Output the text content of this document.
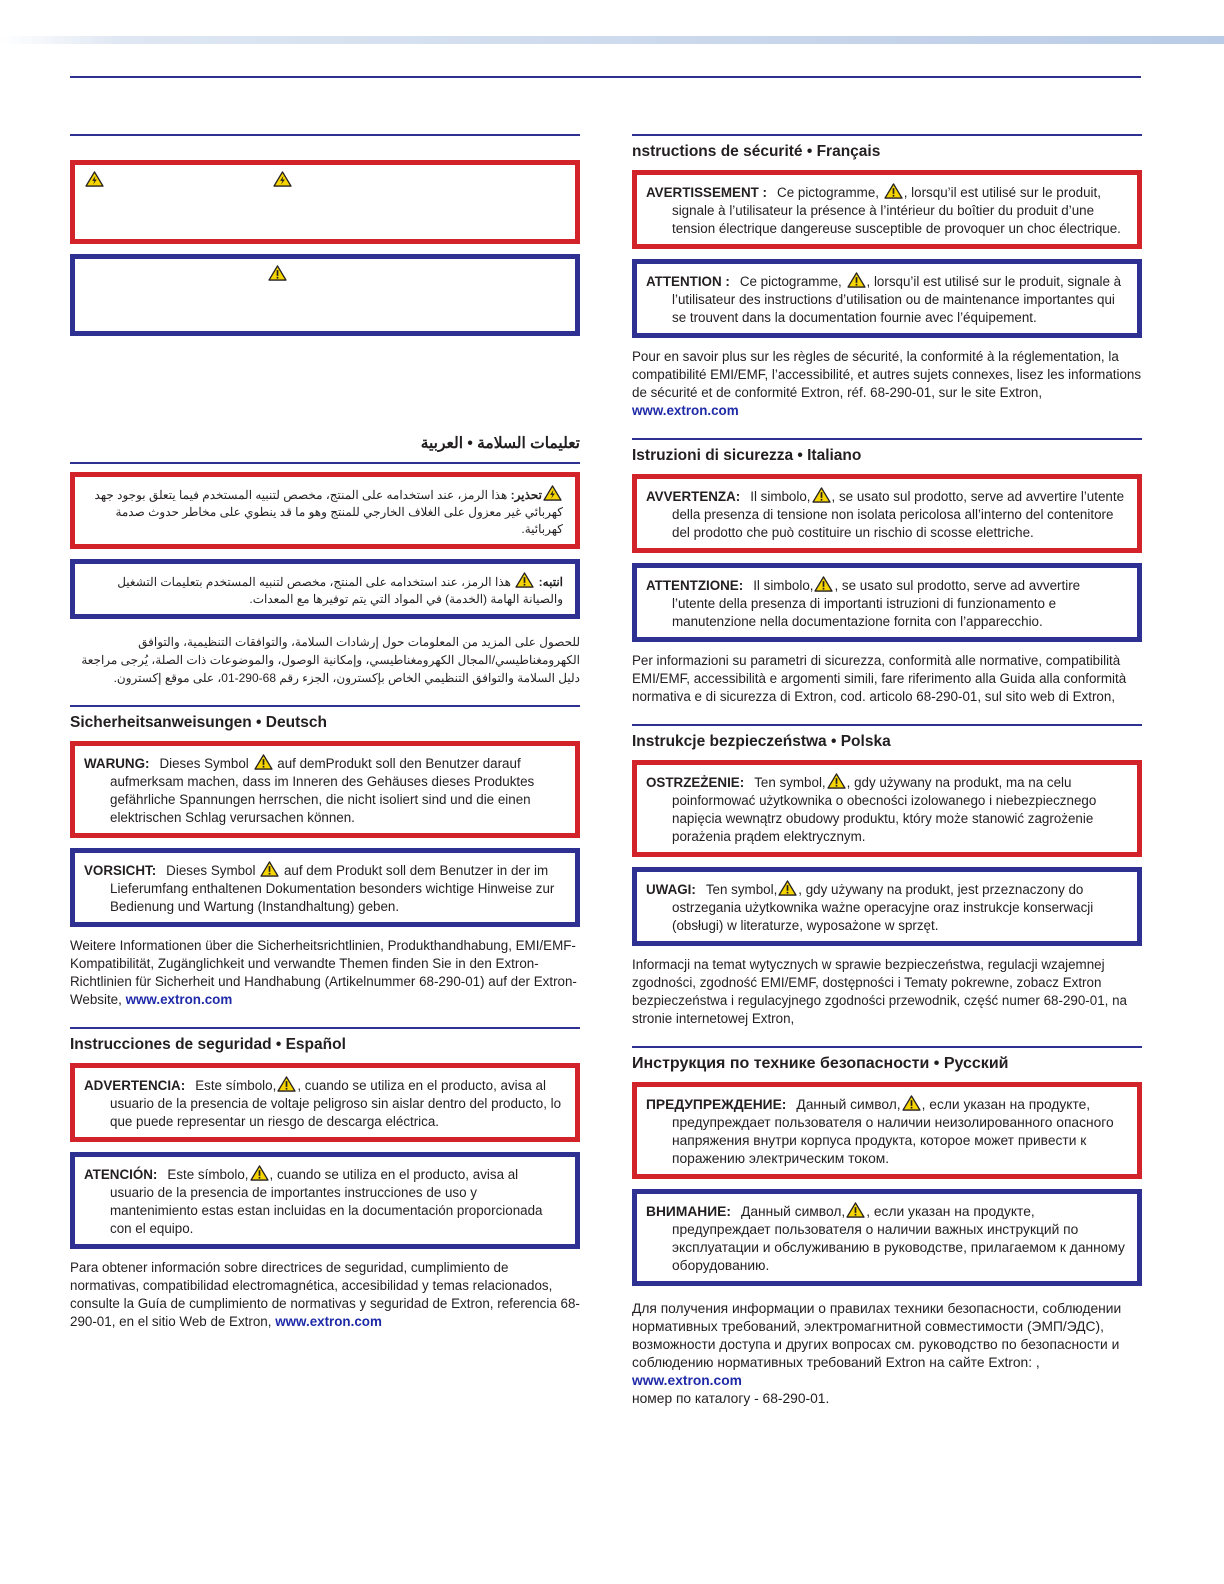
تعليمات السلامة • العربية

تحذير: هذا الرمز، عند استخدامه على المنتج، مخصص لتنبيه المستخدم فيما يتعلق بوجود جهد كهربائي غير معزول على الغلاف الخارجي للمنتج وهو ما قد ينطوي على مخاطر حدوث صدمة كهربائية.

انتبه:  هذا الرمز، عند استخدامه على المنتج، مخصص لتنبيه المستخدم بتعليمات التشغيل والصيانة الهامة (الخدمة) في المواد التي يتم توفيرها مع المعدات.

للحصول على المزيد من المعلومات حول إرشادات السلامة، والتوافقات التنظيمية، والتوافق الكهرومغناطيسي/المجال الكهرومغناطيسي، وإمكانية الوصول، والموضوعات ذات الصلة، يُرجى مراجعة دليل السلامة والتوافق التنظيمي الخاص بإكسترون، الجزء رقم 68-290-01، على موقع إكسترون.
Sicherheitsanweisungen • Deutsch

WARUNG: Dieses Symbol auf demProdukt soll den Benutzer darauf aufmerksam machen, dass im Inneren des Gehäuses dieses Produktes gefährliche Spannungen herrschen, die nicht isoliert sind und die einen elektrischen Schlag verursachen können.

VORSICHT: Dieses Symbol auf dem Produkt soll dem Benutzer in der im Lieferumfang enthaltenen Dokumentation besonders wichtige Hinweise zur Bedienung und Wartung (Instandhaltung) geben.

Weitere Informationen über die Sicherheitsrichtlinien, Produkthandhabung, EMI/EMF-Kompatibilität, Zugänglichkeit und verwandte Themen finden Sie in den Extron-Richtlinien für Sicherheit und Handhabung (Artikelnummer 68-290-01) auf der Extron-Website, www.extron.com
Instrucciones de seguridad • Español

ADVERTENCIA: Este símbolo, , cuando se utiliza en el producto, avisa al usuario de la presencia de voltaje peligroso sin aislar dentro del producto, lo que puede representar un riesgo de descarga eléctrica.

ATENCIÓN: Este símbolo, , cuando se utiliza en el producto, avisa al usuario de la presencia de importantes instrucciones de uso y mantenimiento estas estan incluidas en la documentación proporcionada con el equipo.

Para obtener información sobre directrices de seguridad, cumplimiento de normativas, compatibilidad electromagnética, accesibilidad y temas relacionados, consulte la Guía de cumplimiento de normativas y seguridad de Extron, referencia 68-290-01, en el sitio Web de Extron, www.extron.com
nstructions de sécurité • Français

AVERTISSEMENT : Ce pictogramme, , lorsqu’il est utilisé sur le produit, signale à l’utilisateur la présence à l’intérieur du boîtier du produit d’une tension électrique dangereuse susceptible de provoquer un choc électrique.

ATTENTION : Ce pictogramme, , lorsqu’il est utilisé sur le produit, signale à l’utilisateur des instructions d’utilisation ou de maintenance importantes qui se trouvent dans la documentation fournie avec l’équipement.

Pour en savoir plus sur les règles de sécurité, la conformité à la réglementation, la compatibilité EMI/EMF, l’accessibilité, et autres sujets connexes, lisez les informations de sécurité et de conformité Extron, réf. 68-290-01, sur le site Extron, www.extron.com
Istruzioni di sicurezza • Italiano

AVVERTENZA: Il simbolo, , se usato sul prodotto, serve ad avvertire l’utente della presenza di tensione non isolata pericolosa all’interno del contenitore del prodotto che può costituire un rischio di scosse elettriche.

ATTENTZIONE: Il simbolo, , se usato sul prodotto, serve ad avvertire l’utente della presenza di importanti istruzioni di funzionamento e manutenzione nella documentazione fornita con l’apparecchio.

Per informazioni su parametri di sicurezza, conformità alle normative, compatibilità EMI/EMF, accessibilità e argomenti simili, fare riferimento alla Guida alla conformità normativa e di sicurezza di Extron, cod. articolo 68-290-01, sul sito web di Extron,
Instrukcje bezpieczeństwa • Polska

OSTRZEŻENIE: Ten symbol, , gdy używany na produkt, ma na celu poinformować użytkownika o obecności izolowanego i niebezpiecznego napięcia wewnątrz obudowy produktu, który może stanowić zagrożenie porażenia prądem elektrycznym.

UWAGI: Ten symbol, , gdy używany na produkt, jest przeznaczony do ostrzegania użytkownika ważne operacyjne oraz instrukcje konserwacji (obsługi) w literaturze, wyposażone w sprzęt.

Informacji na temat wytycznych w sprawie bezpieczeństwa, regulacji wzajemnej zgodności, zgodność EMI/EMF, dostępności i Tematy pokrewne, zobacz Extron bezpieczeństwa i regulacyjnego zgodności przewodnik, część numer 68-290-01, na stronie internetowej Extron,
Инструкция по технике безопасности • Русский

ПРЕДУПРЕЖДЕНИЕ: Данный символ, , если указан на продукте, предупреждает пользователя о наличии неизолированного опасного напряжения внутри корпуса продукта, которое может привести к поражению электрическим током.

ВНИМАНИЕ: Данный символ, , если указан на продукте, предупреждает пользователя о наличии важных инструкций по эксплуатации и обслуживанию в руководстве, прилагаемом к данному оборудованию.

Для получения информации о правилах техники безопасности, соблюдении нормативных требований, электромагнитной совместимости (ЭМП/ЭДС), возможности доступа и других вопросах см. руководство по безопасности и соблюдению нормативных требований Extron на сайте Extron: , www.extron.com
номер по каталогу - 68-290-01.
